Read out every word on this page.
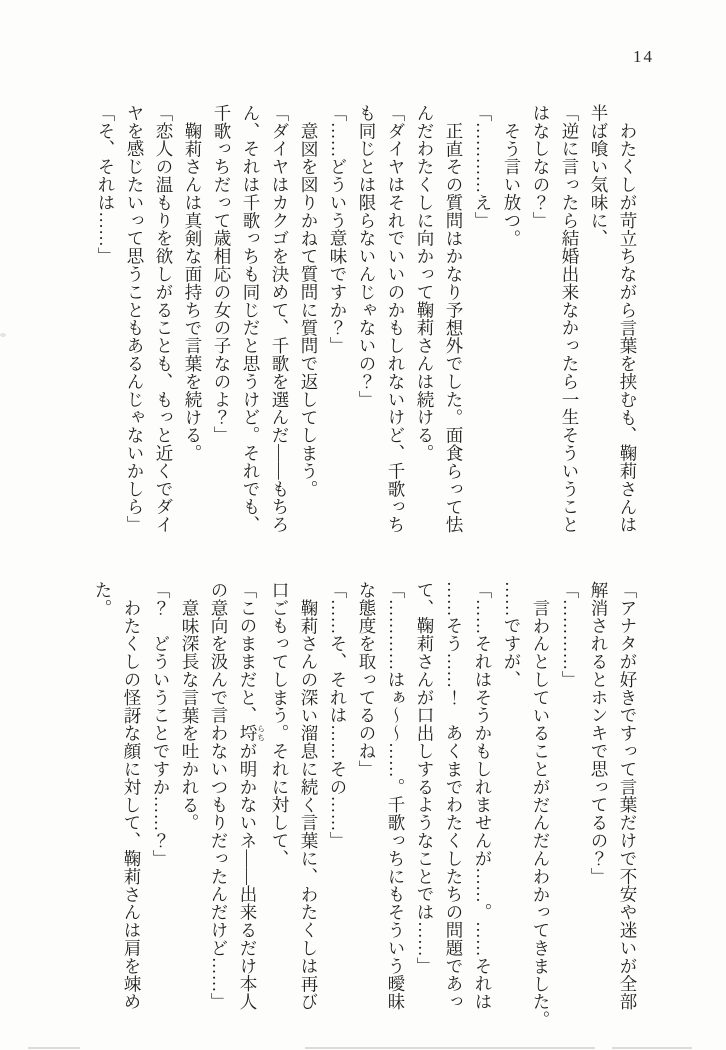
14

わたくしが苛立ちながら言葉を挟むも、鞠莉さんは

半ば喰い気味に、

「逆に言ったら結婚出来なかったら一生そういうこと

はなしなの？」

そう言い放つ。

「…………え」

正直その質問はかなり予想外でした。面食らって怯

んだわたくしに向かって鞠莉さんは続ける。

「ダイヤはそれでいいのかもしれないけど、千歌っち

も同じとは限らないんじゃないの？」

「……どういう意味ですか？」

意図を図りかねて質問に質問で返してしまう。

「ダイヤはカクゴを決めて、千歌を選んだ——もちろ

ん、それは千歌っちも同じだと思うけど。それでも、

千歌っちだって歳相応の女の子なのよ？」

鞠莉さんは真剣な面持ちで言葉を続ける。

「恋人の温もりを欲しがることも、もっと近くでダイ

ヤを感じたいって思うこともあるんじゃないかしら」

「そ、それは……」

「アナタが好きですって言葉だけで不安や迷いが全部

解消されるとホンキで思ってるの？」

「…………」

言わんとしていることがだんだんわかってきました。

……ですが、

「……それはそうかもしれませんが……。……それは

……そう……！　あくまでわたくしたちの問題であっ

て、鞠莉さんが口出しするようなことでは……」

「…………はぁ〜〜……。千歌っちにもそういう曖昧

な態度を取ってるのね」

「……そ、それは……その……」

鞠莉さんの深い溜息に続く言葉に、わたくしは再び

口ごもってしまう。それに対して、

「このままだと、埒らちが明かないネ——出来るだけ本人

の意向を汲んで言わないつもりだったんだけど……」

意味深長な言葉を吐かれる。

「？　どういうことですか……？」

わたくしの怪訝な顔に対して、鞠莉さんは肩を竦め

た。
